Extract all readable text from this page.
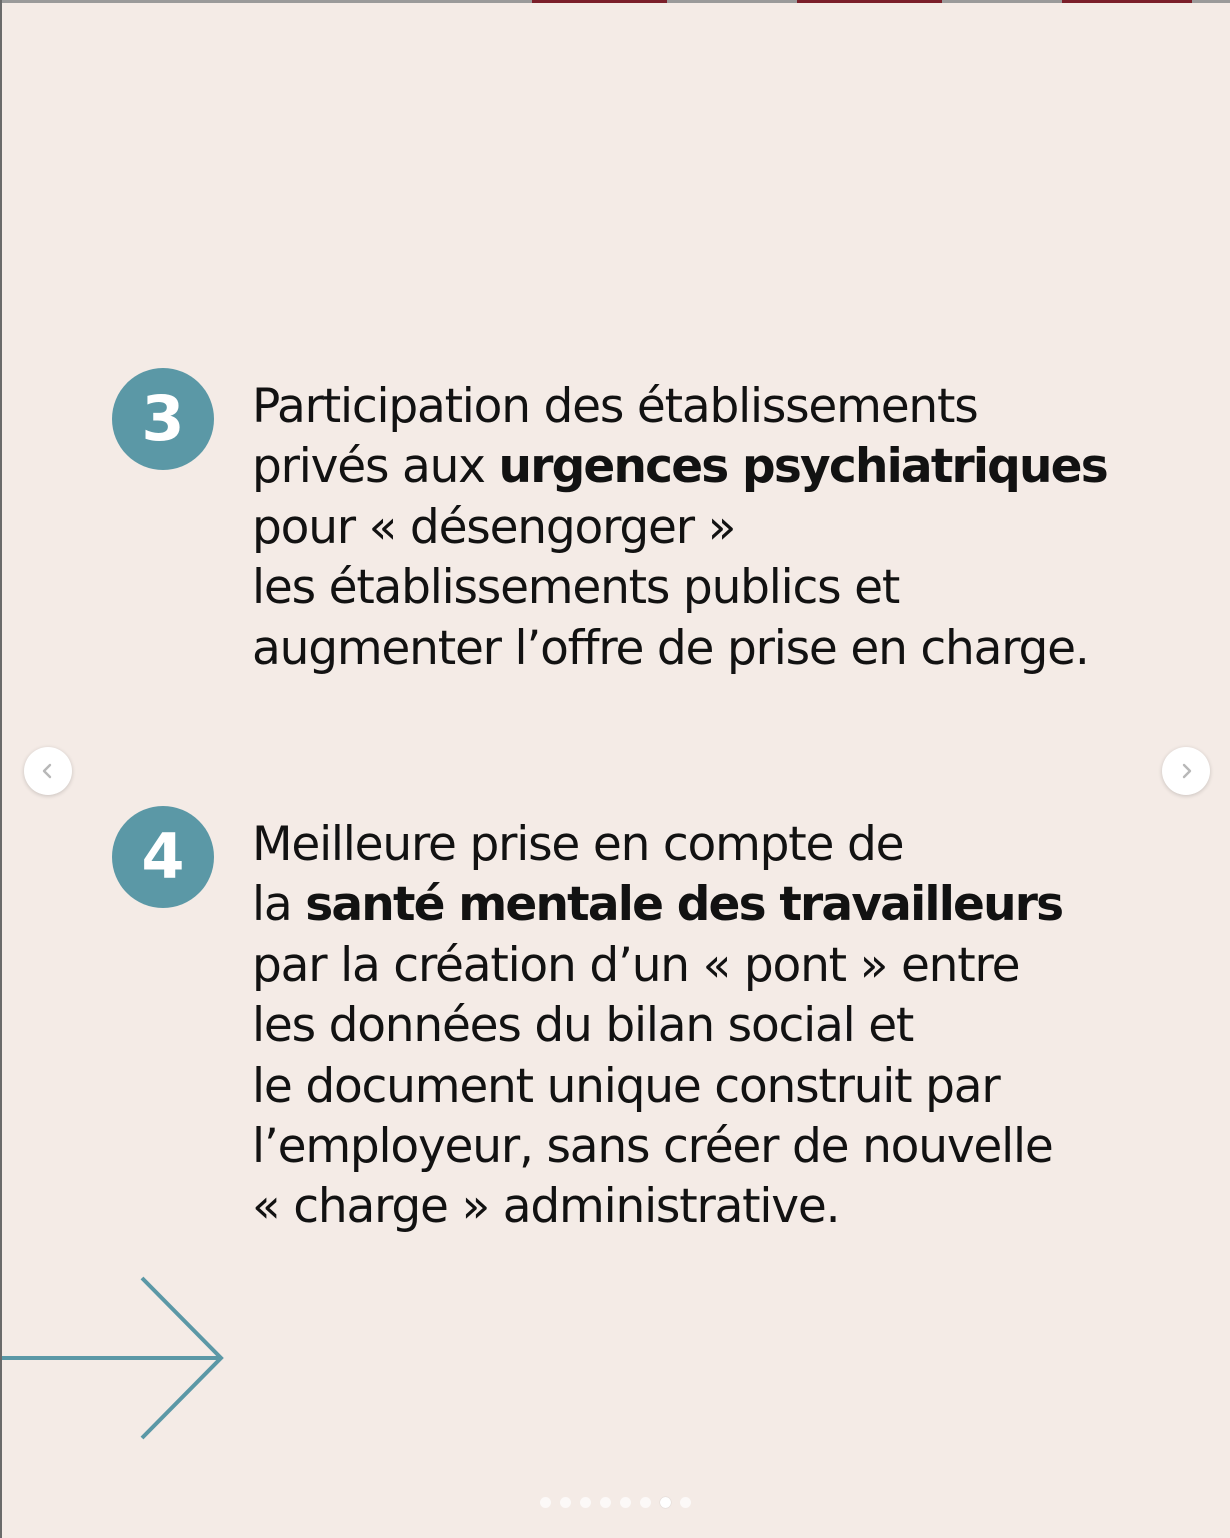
3	Participation des établissements
privés aux urgences psychiatriques
pour « désengorger »
les établissements publics et
augmenter l’offre de prise en charge.

4	Meilleure prise en compte de
la santé mentale des travailleurs
par la création d’un « pont » entre
les données du bilan social et
le document unique construit par
l’employeur, sans créer de nouvelle
« charge » administrative.
